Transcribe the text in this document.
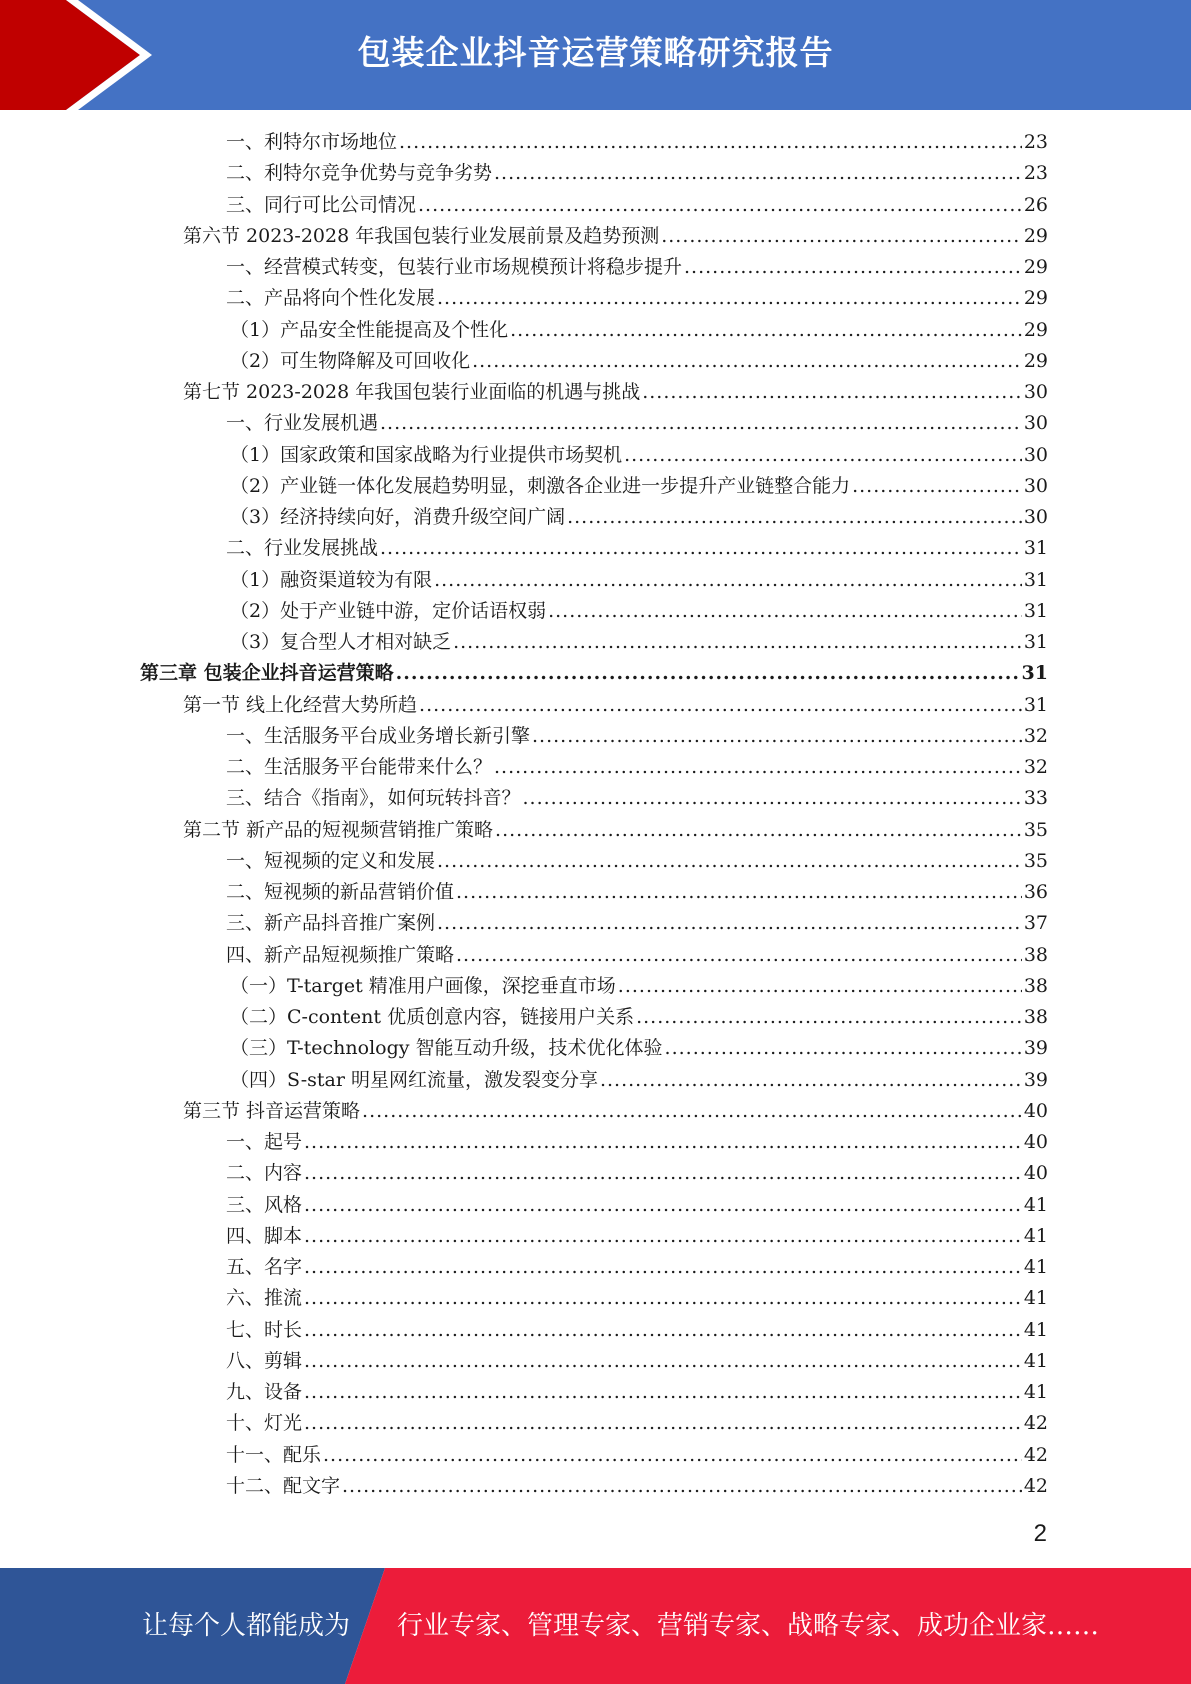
包装企业抖音运营策略研究报告
一、利特尔市场地位 .....	23
二、利特尔竞争优势与竞争劣势 .....	23
三、同行可比公司情况 .....	26
第六节 2023-2028 年我国包装行业发展前景及趋势预测 .....	29
一、经营模式转变，包装行业市场规模预计将稳步提升 .....	29
二、产品将向个性化发展 .....	29
（1）产品安全性能提高及个性化 .....	29
（2）可生物降解及可回收化 .....	29
第七节 2023-2028 年我国包装行业面临的机遇与挑战 .....	30
一、行业发展机遇 .....	30
（1）国家政策和国家战略为行业提供市场契机 .....	30
（2）产业链一体化发展趋势明显，刺激各企业进一步提升产业链整合能力 .....	30
（3）经济持续向好，消费升级空间广阔 .....	30
二、行业发展挑战 .....	31
（1）融资渠道较为有限 .....	31
（2）处于产业链中游，定价话语权弱 .....	31
（3）复合型人才相对缺乏 .....	31
第三章 包装企业抖音运营策略 .....	31
第一节 线上化经营大势所趋 .....	31
一、生活服务平台成业务增长新引擎 .....	32
二、生活服务平台能带来什么？ .....	32
三、结合《指南》，如何玩转抖音？ .....	33
第二节 新产品的短视频营销推广策略 .....	35
一、短视频的定义和发展 .....	35
二、短视频的新品营销价值 .....	36
三、新产品抖音推广案例 .....	37
四、新产品短视频推广策略 .....	38
（一）T-target 精准用户画像，深挖垂直市场 .....	38
（二）C-content 优质创意内容，链接用户关系 .....	38
（三）T-technology 智能互动升级，技术优化体验 .....	39
（四）S-star 明星网红流量，激发裂变分享 .....	39
第三节 抖音运营策略 .....	40
一、起号 .....	40
二、内容 .....	40
三、风格 .....	41
四、脚本 .....	41
五、名字 .....	41
六、推流 .....	41
七、时长 .....	41
八、剪辑 .....	41
九、设备 .....	41
十、灯光 .....	42
十一、配乐 .....	42
十二、配文字 .....	42
2
让每个人都能成为 行业专家、管理专家、营销专家、战略专家、成功企业家……
